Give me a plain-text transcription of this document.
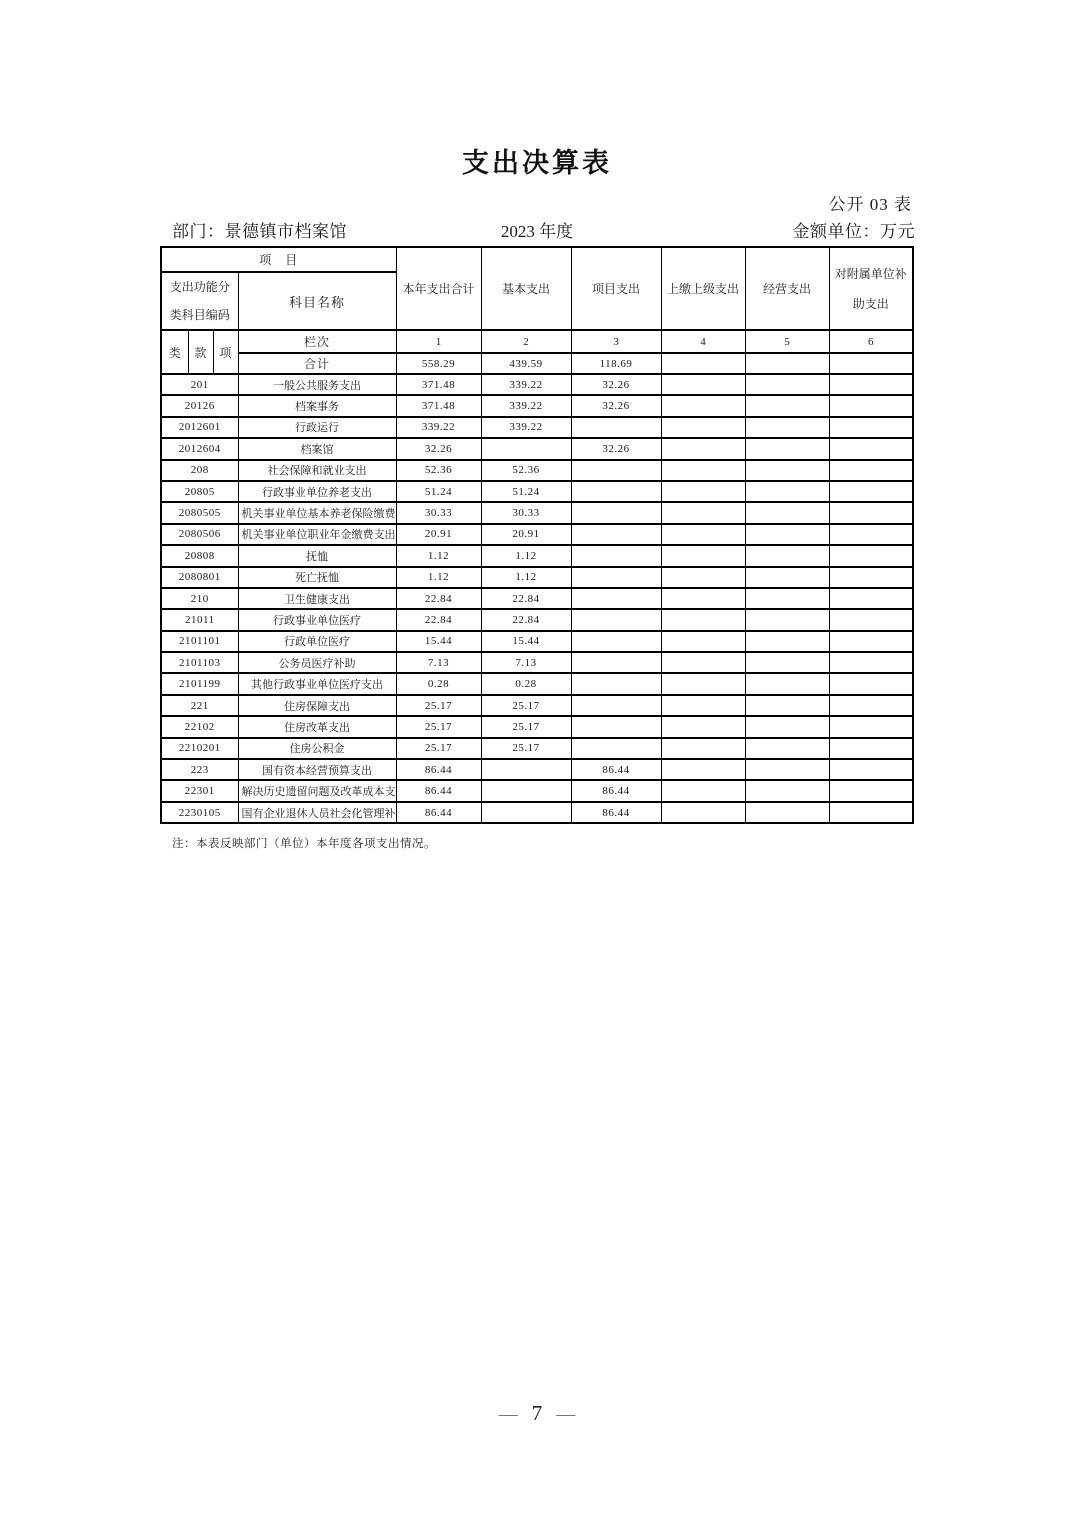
支出决算表
公开 03 表
部门：景德镇市档案馆	2023 年度	金额单位：万元
项　目				本年支出合计	基本支出	项目支出	上缴上级支出	经营支出	对附属单位补助支出
支出功能分类科目编码			科目名称						
类	款	项	栏次	1	2	3	4	5	6
			合计	558.29	439.59	118.69			
201			一般公共服务支出	371.48	339.22	32.26			
20126			档案事务	371.48	339.22	32.26			
2012601			行政运行	339.22	339.22				
2012604			档案馆	32.26		32.26			
208			社会保障和就业支出	52.36	52.36				
20805			行政事业单位养老支出	51.24	51.24				
2080505			机关事业单位基本养老保险缴费	30.33	30.33				
2080506			机关事业单位职业年金缴费支出	20.91	20.91				
20808			抚恤	1.12	1.12				
2080801			死亡抚恤	1.12	1.12				
210			卫生健康支出	22.84	22.84				
21011			行政事业单位医疗	22.84	22.84				
2101101			行政单位医疗	15.44	15.44				
2101103			公务员医疗补助	7.13	7.13				
2101199			其他行政事业单位医疗支出	0.28	0.28				
221			住房保障支出	25.17	25.17				
22102			住房改革支出	25.17	25.17				
2210201			住房公积金	25.17	25.17				
223			国有资本经营预算支出	86.44		86.44			
22301			解决历史遗留问题及改革成本支	86.44		86.44			
2230105			国有企业退休人员社会化管理补	86.44		86.44			
注：本表反映部门（单位）本年度各项支出情况。
— 7 —
